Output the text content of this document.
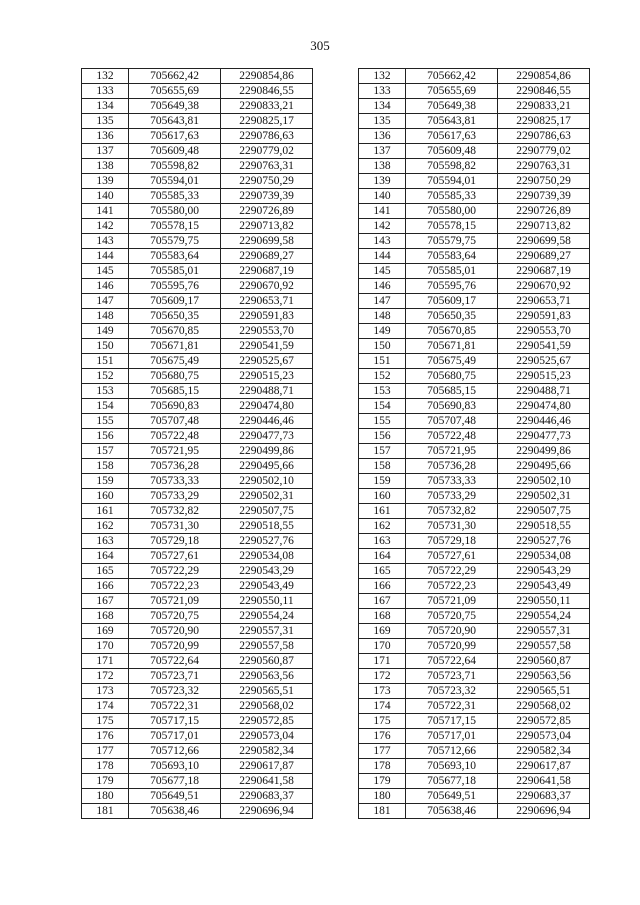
305
132	705662,42	2290854,86		132	705662,42	2290854,86
133	705655,69	2290846,55		133	705655,69	2290846,55
134	705649,38	2290833,21		134	705649,38	2290833,21
135	705643,81	2290825,17		135	705643,81	2290825,17
136	705617,63	2290786,63		136	705617,63	2290786,63
137	705609,48	2290779,02		137	705609,48	2290779,02
138	705598,82	2290763,31		138	705598,82	2290763,31
139	705594,01	2290750,29		139	705594,01	2290750,29
140	705585,33	2290739,39		140	705585,33	2290739,39
141	705580,00	2290726,89		141	705580,00	2290726,89
142	705578,15	2290713,82		142	705578,15	2290713,82
143	705579,75	2290699,58		143	705579,75	2290699,58
144	705583,64	2290689,27		144	705583,64	2290689,27
145	705585,01	2290687,19		145	705585,01	2290687,19
146	705595,76	2290670,92		146	705595,76	2290670,92
147	705609,17	2290653,71		147	705609,17	2290653,71
148	705650,35	2290591,83		148	705650,35	2290591,83
149	705670,85	2290553,70		149	705670,85	2290553,70
150	705671,81	2290541,59		150	705671,81	2290541,59
151	705675,49	2290525,67		151	705675,49	2290525,67
152	705680,75	2290515,23		152	705680,75	2290515,23
153	705685,15	2290488,71		153	705685,15	2290488,71
154	705690,83	2290474,80		154	705690,83	2290474,80
155	705707,48	2290446,46		155	705707,48	2290446,46
156	705722,48	2290477,73		156	705722,48	2290477,73
157	705721,95	2290499,86		157	705721,95	2290499,86
158	705736,28	2290495,66		158	705736,28	2290495,66
159	705733,33	2290502,10		159	705733,33	2290502,10
160	705733,29	2290502,31		160	705733,29	2290502,31
161	705732,82	2290507,75		161	705732,82	2290507,75
162	705731,30	2290518,55		162	705731,30	2290518,55
163	705729,18	2290527,76		163	705729,18	2290527,76
164	705727,61	2290534,08		164	705727,61	2290534,08
165	705722,29	2290543,29		165	705722,29	2290543,29
166	705722,23	2290543,49		166	705722,23	2290543,49
167	705721,09	2290550,11		167	705721,09	2290550,11
168	705720,75	2290554,24		168	705720,75	2290554,24
169	705720,90	2290557,31		169	705720,90	2290557,31
170	705720,99	2290557,58		170	705720,99	2290557,58
171	705722,64	2290560,87		171	705722,64	2290560,87
172	705723,71	2290563,56		172	705723,71	2290563,56
173	705723,32	2290565,51		173	705723,32	2290565,51
174	705722,31	2290568,02		174	705722,31	2290568,02
175	705717,15	2290572,85		175	705717,15	2290572,85
176	705717,01	2290573,04		176	705717,01	2290573,04
177	705712,66	2290582,34		177	705712,66	2290582,34
178	705693,10	2290617,87		178	705693,10	2290617,87
179	705677,18	2290641,58		179	705677,18	2290641,58
180	705649,51	2290683,37		180	705649,51	2290683,37
181	705638,46	2290696,94		181	705638,46	2290696,94
